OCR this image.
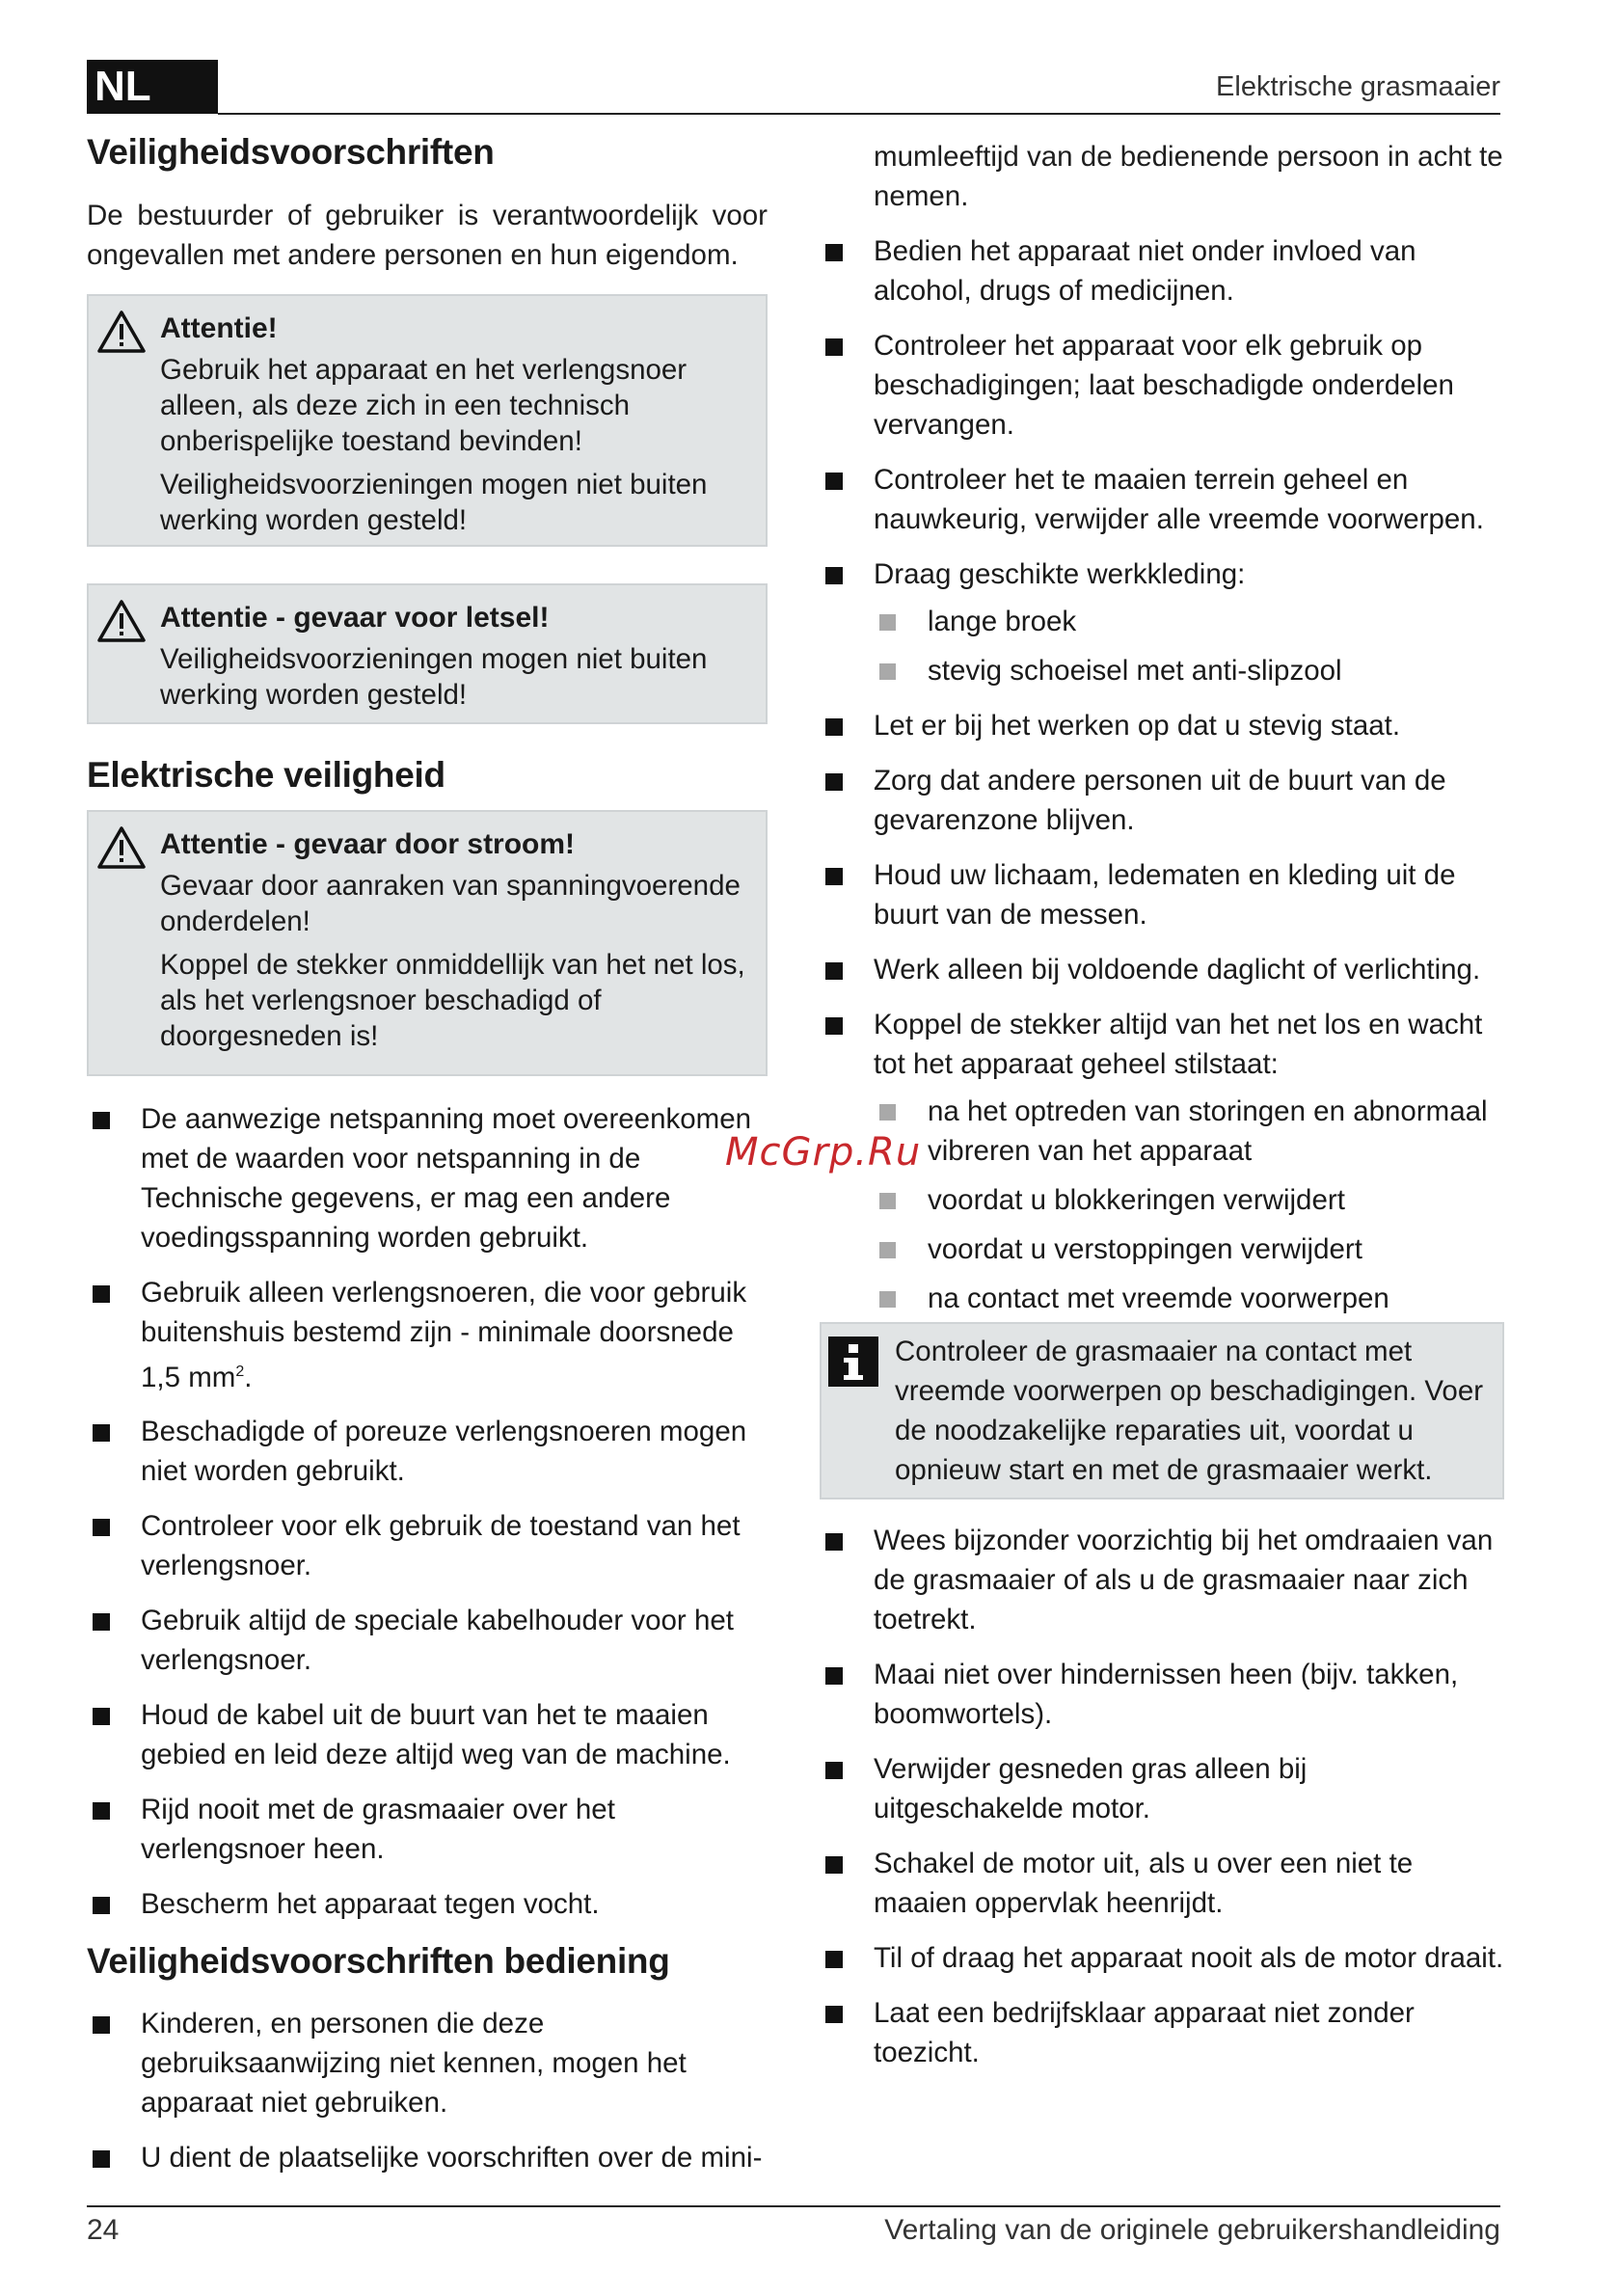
NL	Elektrische grasmaaier
Veiligheidsvoorschriften

De bestuurder of gebruiker is verantwoordelijk voor ongevallen met andere personen en hun eigendom.

Attentie!
Gebruik het apparaat en het verlengsnoer alleen, als deze zich in een technisch onberispelijke toestand bevinden!
Veiligheidsvoorzieningen mogen niet buiten werking worden gesteld!
Attentie - gevaar voor letsel!
Veiligheidsvoorzieningen mogen niet buiten werking worden gesteld!
Elektrische veiligheid
Attentie - gevaar door stroom!
Gevaar door aanraken van spanningvoerende onderdelen!
Koppel de stekker onmiddellijk van het net los, als het verlengsnoer beschadigd of doorgesneden is!
De aanwezige netspanning moet overeenkomen met de waarden voor netspanning in de Technische gegevens, er mag een andere voedingsspanning worden gebruikt.
Gebruik alleen verlengsnoeren, die voor gebruik buitenshuis bestemd zijn - minimale doorsnede 1,5 $mm^2$.
Beschadigde of poreuze verlengsnoeren mogen niet worden gebruikt.
Controleer voor elk gebruik de toestand van het verlengsnoer.
Gebruik altijd de speciale kabelhouder voor het verlengsnoer.
Houd de kabel uit de buurt van het te maaien gebied en leid deze altijd weg van de machine.
Rijd nooit met de grasmaaier over het verlengsnoer heen.
Bescherm het apparaat tegen vocht.
Veiligheidsvoorschriften bediening
Kinderen, en personen die deze gebruiksaanwijzing niet kennen, mogen het apparaat niet gebruiken.
U dient de plaatselijke voorschriften over de mini-

mumleeftijd van de bedienende persoon in acht te nemen.

Bedien het apparaat niet onder invloed van alcohol, drugs of medicijnen.
Controleer het apparaat voor elk gebruik op beschadigingen; laat beschadigde onderdelen vervangen.
Controleer het te maaien terrein geheel en nauwkeurig, verwijder alle vreemde voorwerpen.
Draag geschikte werkkleding:
lange broek
stevig schoeisel met anti-slipzool
Let er bij het werken op dat u stevig staat.
Zorg dat andere personen uit de buurt van de gevarenzone blijven.
Houd uw lichaam, ledematen en kleding uit de buurt van de messen.
Werk alleen bij voldoende daglicht of verlichting.
Koppel de stekker altijd van het net los en wacht tot het apparaat geheel stilstaat:
na het optreden van storingen en abnormaal vibreren van het apparaat
voordat u blokkeringen verwijdert
voordat u verstoppingen verwijdert
na contact met vreemde voorwerpen
Controleer de grasmaaier na contact met vreemde voorwerpen op beschadigingen. Voer de noodzakelijke reparaties uit, voordat u opnieuw start en met de grasmaaier werkt.
Wees bijzonder voorzichtig bij het omdraaien van de grasmaaier of als u de grasmaaier naar zich toetrekt.
Maai niet over hindernissen heen (bijv. takken, boomwortels).
Verwijder gesneden gras alleen bij uitgeschakelde motor.
Schakel de motor uit, als u over een niet te maaien oppervlak heenrijdt.
Til of draag het apparaat nooit als de motor draait.
Laat een bedrijfsklaar apparaat niet zonder toezicht.
McGrp.Ru
24	Vertaling van de originele gebruikershandleiding
